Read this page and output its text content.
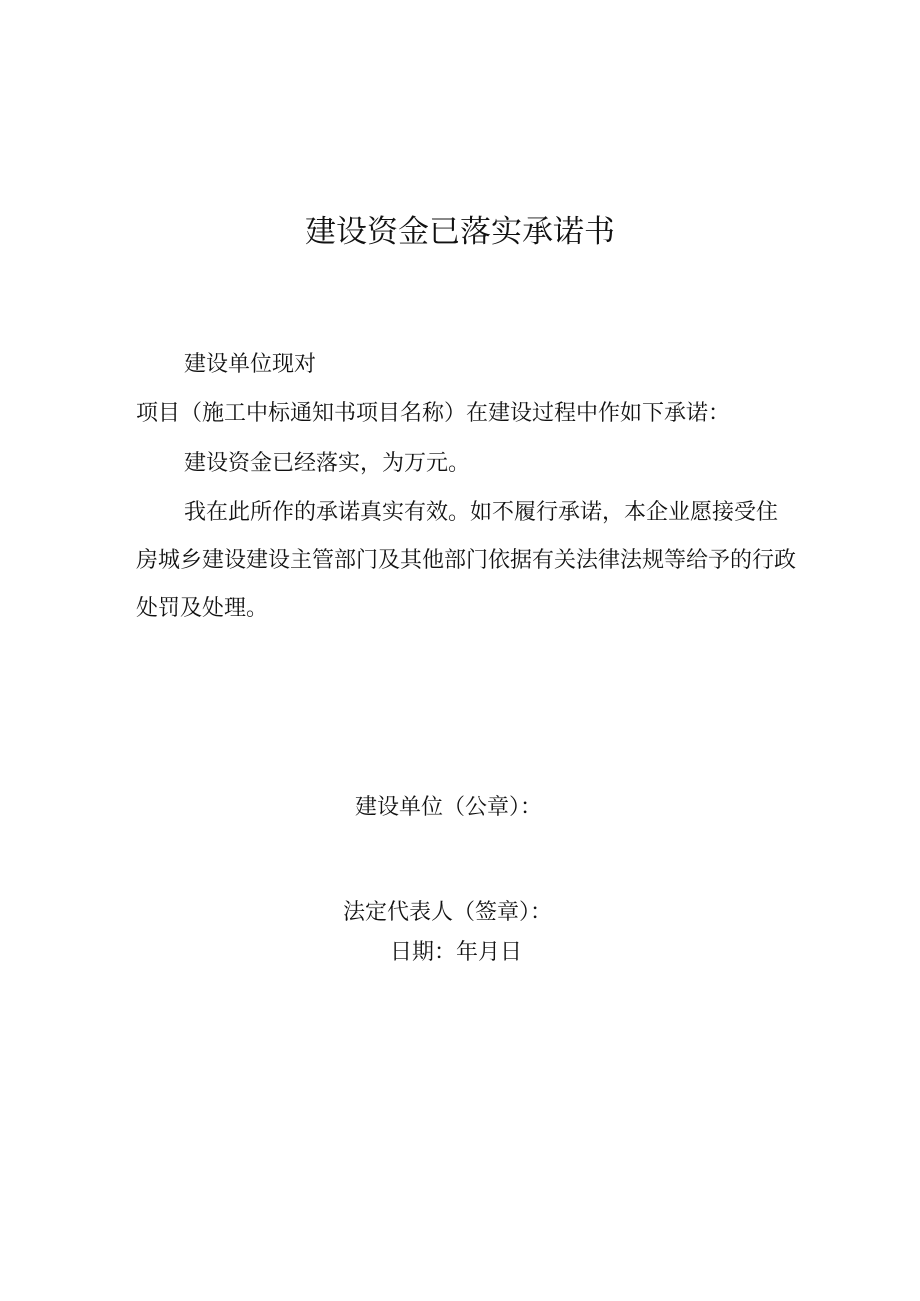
建设资金已落实承诺书
建设单位现对
项目（施工中标通知书项目名称）在建设过程中作如下承诺：
建设资金已经落实，为万元。
我在此所作的承诺真实有效。如不履行承诺，本企业愿接受住房城乡建设建设主管部门及其他部门依据有关法律法规等给予的行政处罚及处理。
建设单位（公章）：
法定代表人（签章）：
日期：年月日
